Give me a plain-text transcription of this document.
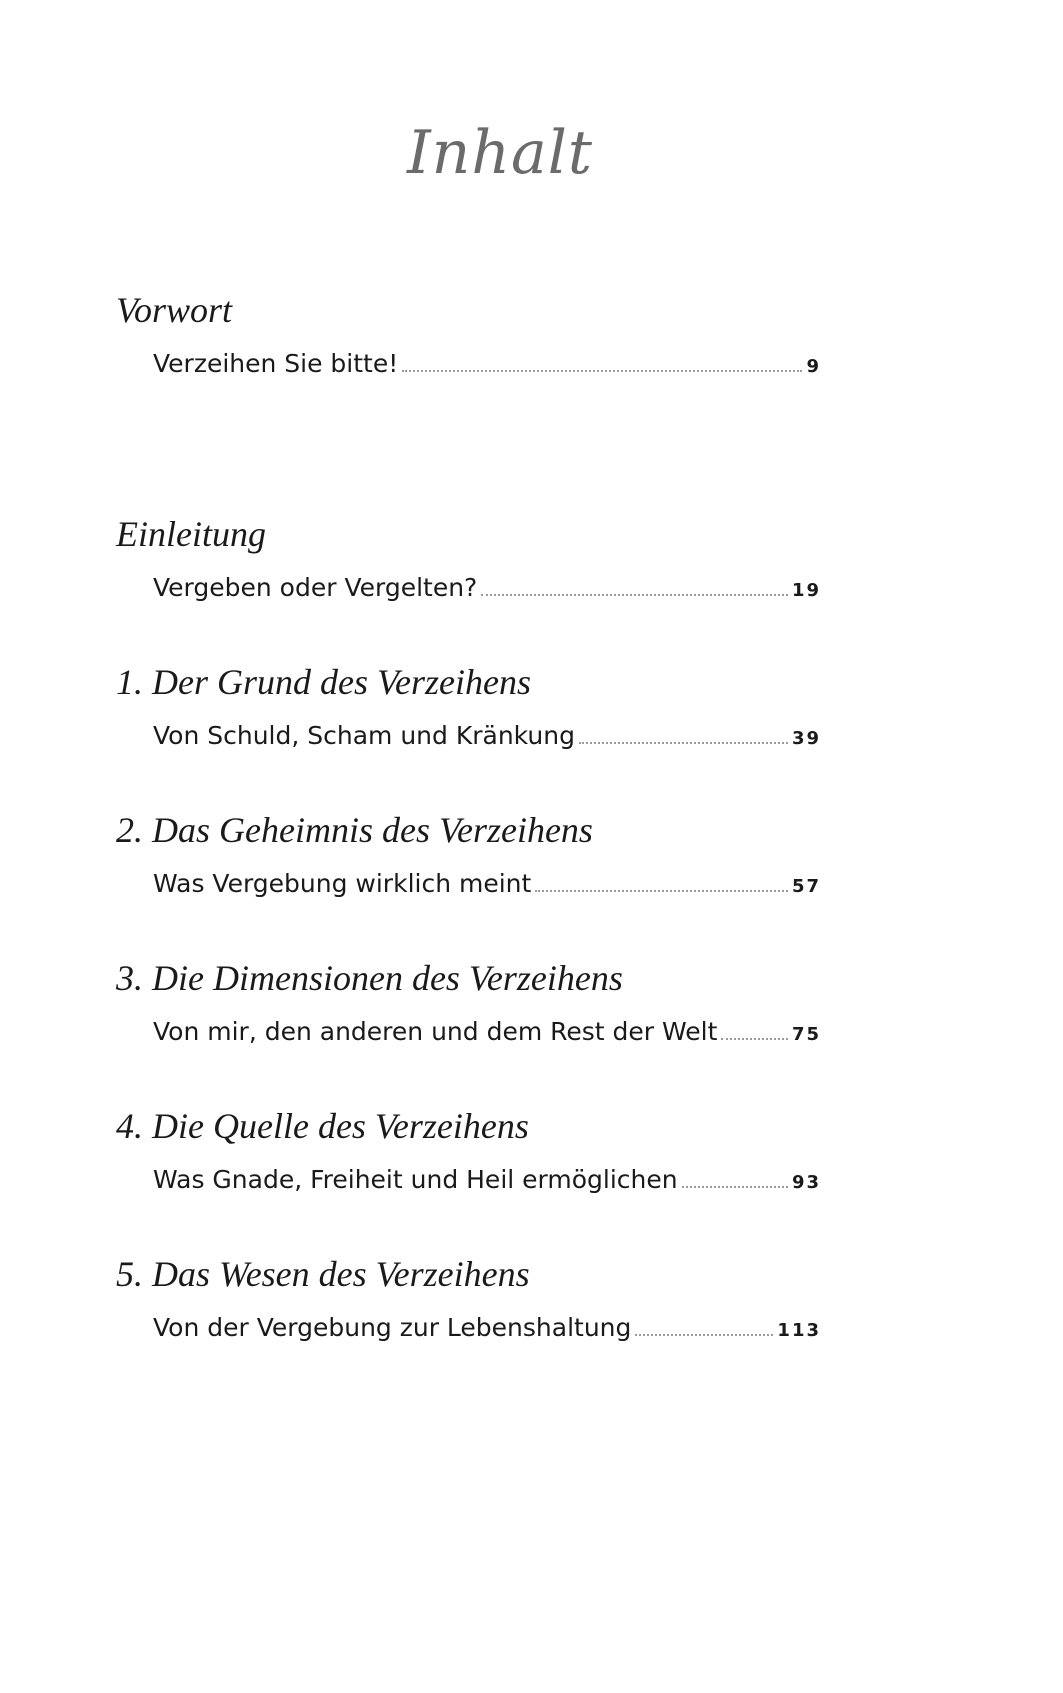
Inhalt
Vorwort
Verzeihen Sie bitte!	9
Einleitung
Vergeben oder Vergelten?	19
1. Der Grund des Verzeihens
Von Schuld, Scham und Kränkung	39
2. Das Geheimnis des Verzeihens
Was Vergebung wirklich meint	57
3. Die Dimensionen des Verzeihens
Von mir, den anderen und dem Rest der Welt	75
4. Die Quelle des Verzeihens
Was Gnade, Freiheit und Heil ermöglichen	93
5. Das Wesen des Verzeihens
Von der Vergebung zur Lebenshaltung	113
